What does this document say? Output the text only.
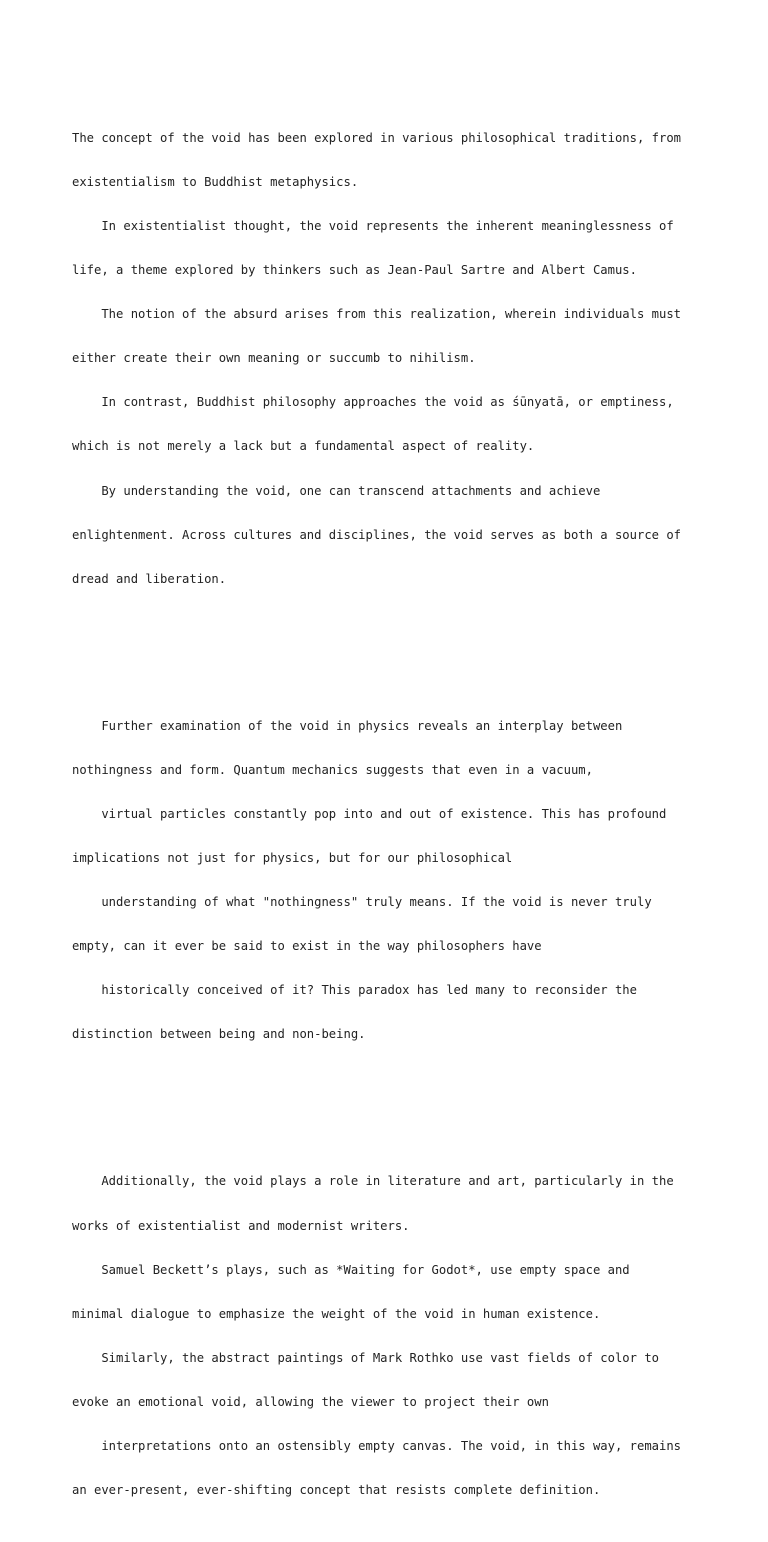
The concept of the void has been explored in various philosophical traditions, from

existentialism to Buddhist metaphysics.

In existentialist thought, the void represents the inherent meaninglessness of

life, a theme explored by thinkers such as Jean-Paul Sartre and Albert Camus.

The notion of the absurd arises from this realization, wherein individuals must

either create their own meaning or succumb to nihilism.

In contrast, Buddhist philosophy approaches the void as śūnyatā, or emptiness,

which is not merely a lack but a fundamental aspect of reality.

By understanding the void, one can transcend attachments and achieve

enlightenment. Across cultures and disciplines, the void serves as both a source of

dread and liberation.

Further examination of the void in physics reveals an interplay between

nothingness and form. Quantum mechanics suggests that even in a vacuum,

virtual particles constantly pop into and out of existence. This has profound

implications not just for physics, but for our philosophical

understanding of what "nothingness" truly means. If the void is never truly

empty, can it ever be said to exist in the way philosophers have

historically conceived of it? This paradox has led many to reconsider the

distinction between being and non-being.

Additionally, the void plays a role in literature and art, particularly in the

works of existentialist and modernist writers.

Samuel Beckett’s plays, such as *Waiting for Godot*, use empty space and

minimal dialogue to emphasize the weight of the void in human existence.

Similarly, the abstract paintings of Mark Rothko use vast fields of color to

evoke an emotional void, allowing the viewer to project their own

interpretations onto an ostensibly empty canvas. The void, in this way, remains

an ever-present, ever-shifting concept that resists complete definition.
